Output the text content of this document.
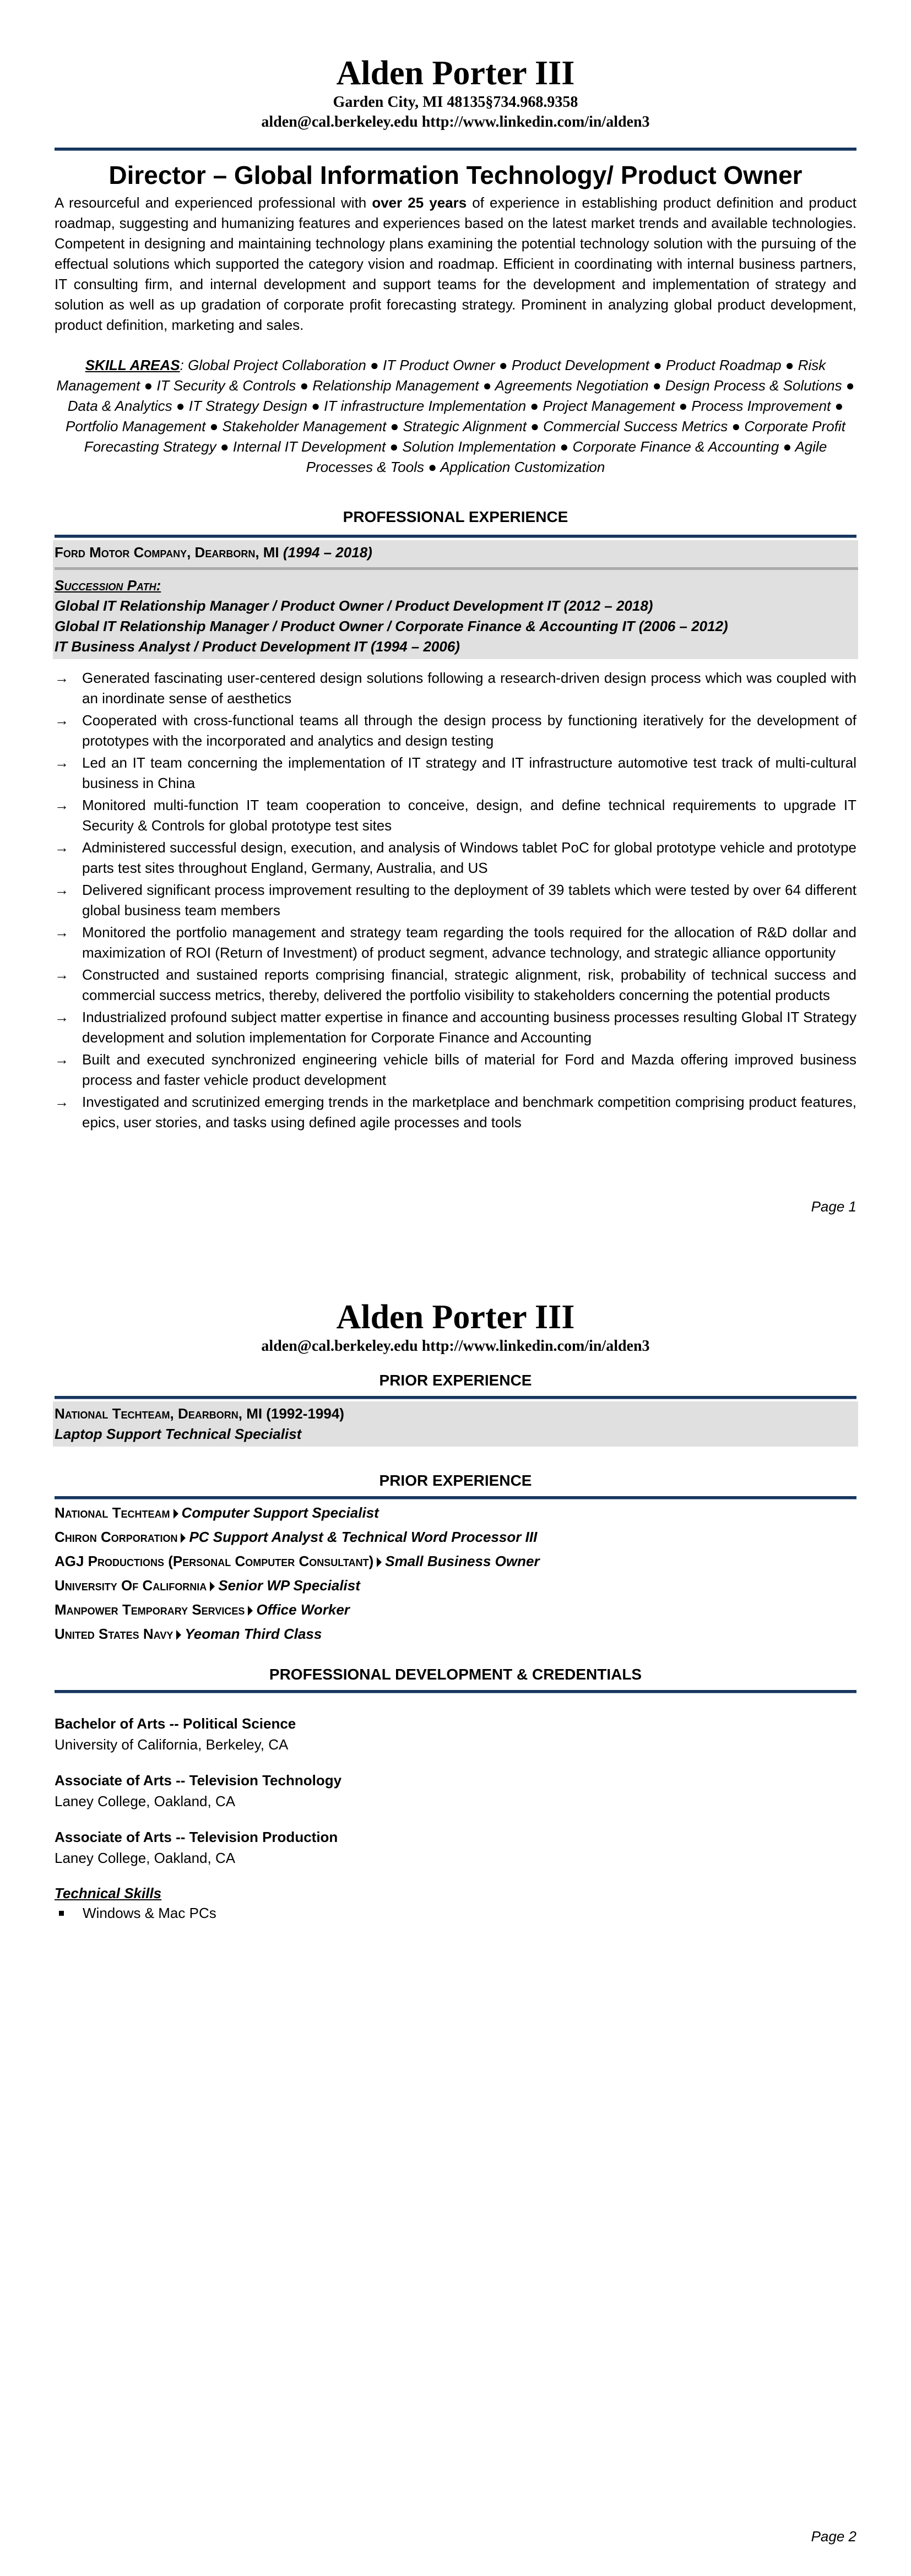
Alden Porter III
Garden City, MI 48135§734.968.9358
alden@cal.berkeley.edu http://www.linkedin.com/in/alden3
Director – Global Information Technology/ Product Owner

A resourceful and experienced professional with over 25 years of experience in establishing product definition and product roadmap, suggesting and humanizing features and experiences based on the latest market trends and available technologies. Competent in designing and maintaining technology plans examining the potential technology solution with the pursuing of the effectual solutions which supported the category vision and roadmap. Efficient in coordinating with internal business partners, IT consulting firm, and internal development and support teams for the development and implementation of strategy and solution as well as up gradation of corporate profit forecasting strategy. Prominent in analyzing global product development, product definition, marketing and sales.

SKILL AREAS: Global Project Collaboration ● IT Product Owner ● Product Development ● Product Roadmap ● Risk Management ● IT Security & Controls ● Relationship Management ● Agreements Negotiation ● Design Process & Solutions ● Data & Analytics ● IT Strategy Design ● IT infrastructure Implementation ● Project Management ● Process Improvement ● Portfolio Management ● Stakeholder Management ● Strategic Alignment ● Commercial Success Metrics ● Corporate Profit Forecasting Strategy ● Internal IT Development ● Solution Implementation ● Corporate Finance & Accounting ● Agile Processes & Tools ● Application Customization

PROFESSIONAL EXPERIENCE
Ford Motor Company, Dearborn, MI (1994 – 2018)
Succession Path:
Global IT Relationship Manager / Product Owner / Product Development IT (2012 – 2018)
Global IT Relationship Manager / Product Owner / Corporate Finance & Accounting IT (2006 – 2012)
IT Business Analyst / Product Development IT (1994 – 2006)
→ Generated fascinating user-centered design solutions following a research-driven design process which was coupled with an inordinate sense of aesthetics
→ Cooperated with cross-functional teams all through the design process by functioning iteratively for the development of prototypes with the incorporated and analytics and design testing
→ Led an IT team concerning the implementation of IT strategy and IT infrastructure automotive test track of multi-cultural business in China
→ Monitored multi-function IT team cooperation to conceive, design, and define technical requirements to upgrade IT Security & Controls for global prototype test sites
→ Administered successful design, execution, and analysis of Windows tablet PoC for global prototype vehicle and prototype parts test sites throughout England, Germany, Australia, and US
→ Delivered significant process improvement resulting to the deployment of 39 tablets which were tested by over 64 different global business team members
→ Monitored the portfolio management and strategy team regarding the tools required for the allocation of R&D dollar and maximization of ROI (Return of Investment) of product segment, advance technology, and strategic alliance opportunity
→ Constructed and sustained reports comprising financial, strategic alignment, risk, probability of technical success and commercial success metrics, thereby, delivered the portfolio visibility to stakeholders concerning the potential products
→ Industrialized profound subject matter expertise in finance and accounting business processes resulting Global IT Strategy development and solution implementation for Corporate Finance and Accounting
→ Built and executed synchronized engineering vehicle bills of material for Ford and Mazda offering improved business process and faster vehicle product development
→ Investigated and scrutinized emerging trends in the marketplace and benchmark competition comprising product features, epics, user stories, and tasks using defined agile processes and tools
Page 1
Alden Porter III
alden@cal.berkeley.edu http://www.linkedin.com/in/alden3
PRIOR EXPERIENCE
National Techteam, Dearborn, MI (1992-1994)
Laptop Support Technical Specialist
PRIOR EXPERIENCE
National Techteam Computer Support Specialist
Chiron Corporation PC Support Analyst & Technical Word Processor III
AGJ Productions (Personal Computer Consultant) Small Business Owner
University Of California Senior WP Specialist
Manpower Temporary Services Office Worker
United States Navy Yeoman Third Class
PROFESSIONAL DEVELOPMENT & CREDENTIALS
Bachelor of Arts -- Political Science
University of California, Berkeley, CA
Associate of Arts -- Television Technology
Laney College, Oakland, CA
Associate of Arts -- Television Production
Laney College, Oakland, CA
Technical Skills
Windows & Mac PCs
Page 2
